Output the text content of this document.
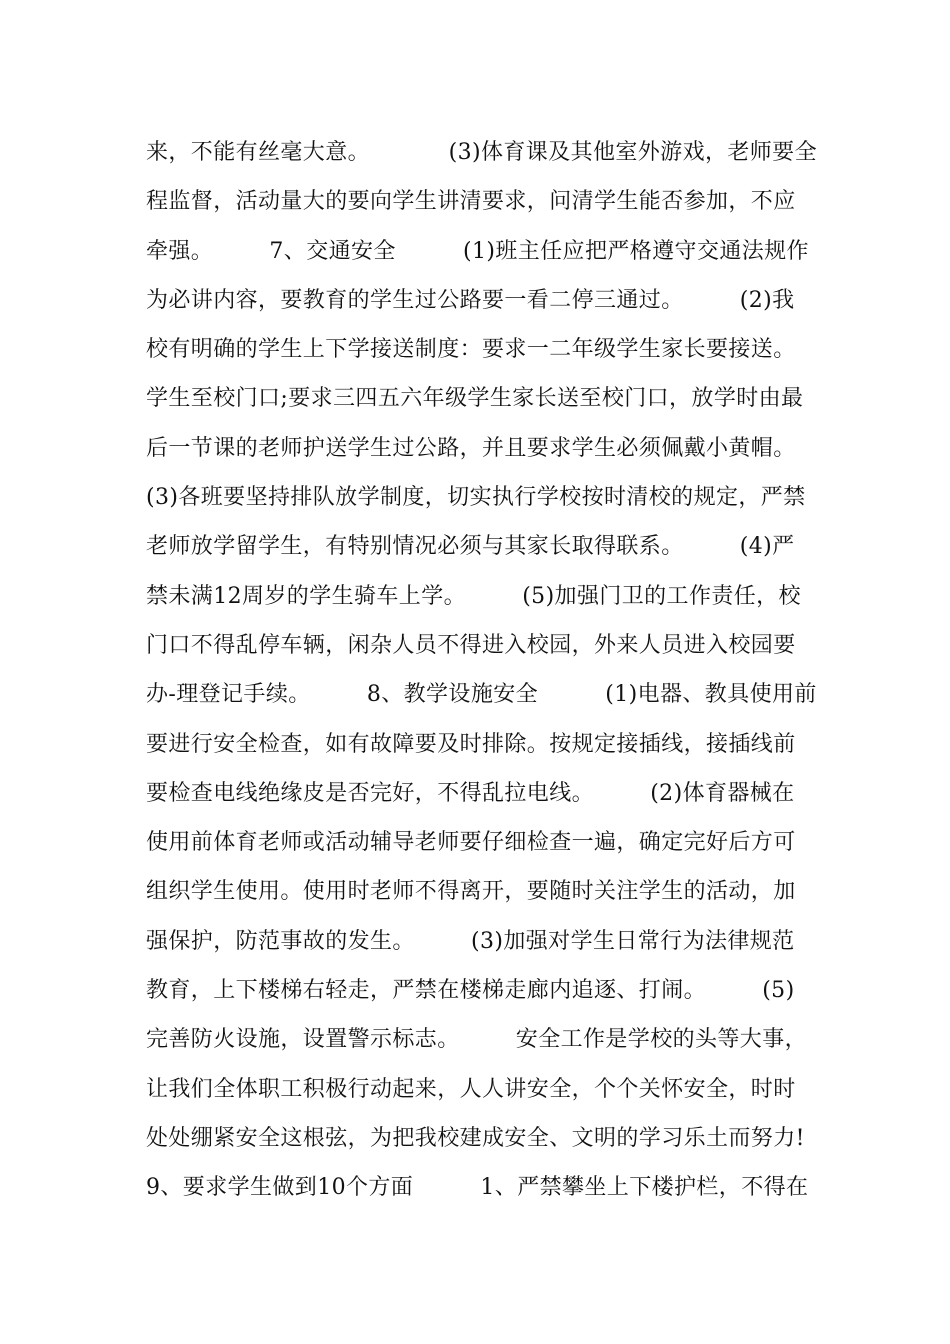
来，不能有丝毫大意。　　　　(3)体育课及其他室外游戏，老师要全
程监督，活动量大的要向学生讲清要求，问清学生能否参加，不应
牵强。　　　7、交通安全　　　(1)班主任应把严格遵守交通法规作
为必讲内容，要教育的学生过公路要一看二停三通过。　　　(2)我
校有明确的学生上下学接送制度：要求一二年级学生家长要接送。
学生至校门口;要求三四五六年级学生家长送至校门口，放学时由最
后一节课的老师护送学生过公路，并且要求学生必须佩戴小黄帽。
(3)各班要坚持排队放学制度，切实执行学校按时清校的规定，严禁
老师放学留学生，有特别情况必须与其家长取得联系。　　　(4)严
禁未满12周岁的学生骑车上学。　　　(5)加强门卫的工作责任，校
门口不得乱停车辆，闲杂人员不得进入校园，外来人员进入校园要
办-理登记手续。　　　8、教学设施安全　　　(1)电器、教具使用前
要进行安全检查，如有故障要及时排除。按规定接插线，接插线前
要检查电线绝缘皮是否完好，不得乱拉电线。　　　(2)体育器械在
使用前体育老师或活动辅导老师要仔细检查一遍，确定完好后方可
组织学生使用。使用时老师不得离开，要随时关注学生的活动，加
强保护，防范事故的发生。　　　(3)加强对学生日常行为法律规范
教育，上下楼梯右轻走，严禁在楼梯走廊内追逐、打闹。　　　(5)
完善防火设施，设置警示标志。　　　安全工作是学校的头等大事，
让我们全体职工积极行动起来，人人讲安全，个个关怀安全，时时
处处绷紧安全这根弦，为把我校建成安全、文明的学习乐土而努力!
9、要求学生做到10个方面　　　1、严禁攀坐上下楼护栏，不得在
